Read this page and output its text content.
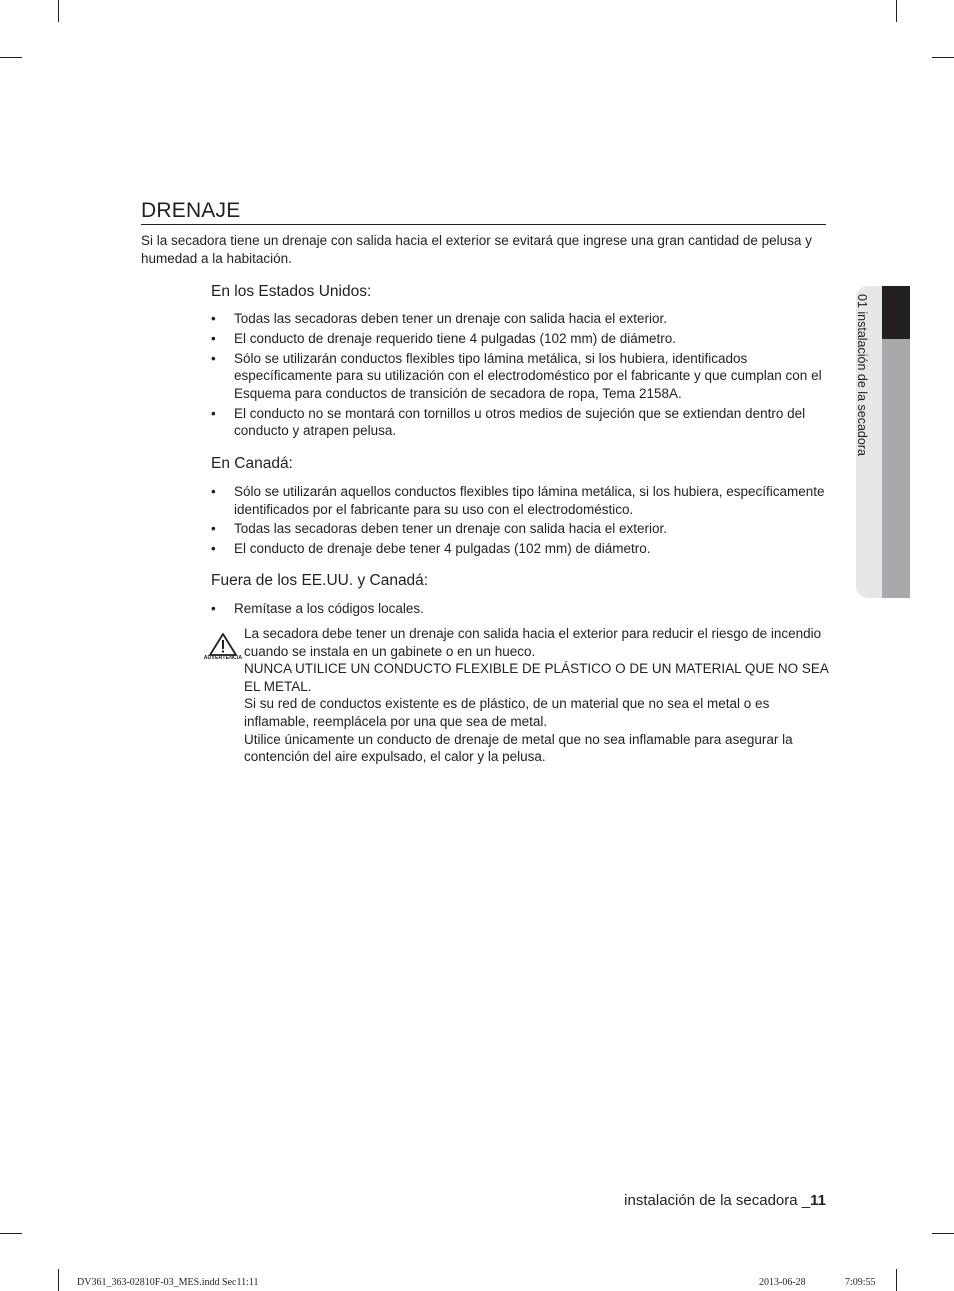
01 instalación de la secadora
DRENAJE

Si la secadora tiene un drenaje con salida hacia el exterior se evitará que ingrese una gran cantidad de pelusa y humedad a la habitación.

En los Estados Unidos:
• Todas las secadoras deben tener un drenaje con salida hacia el exterior.
• El conducto de drenaje requerido tiene 4 pulgadas (102 mm) de diámetro.
• Sólo se utilizarán conductos flexibles tipo lámina metálica, si los hubiera, identificados específicamente para su utilización con el electrodoméstico por el fabricante y que cumplan con el Esquema para conductos de transición de secadora de ropa, Tema 2158A.
• El conducto no se montará con tornillos u otros medios de sujeción que se extiendan dentro del conducto y atrapen pelusa.
En Canadá:
• Sólo se utilizarán aquellos conductos flexibles tipo lámina metálica, si los hubiera, específicamente identificados por el fabricante para su uso con el electrodoméstico.
• Todas las secadoras deben tener un drenaje con salida hacia el exterior.
• El conducto de drenaje debe tener 4 pulgadas (102 mm) de diámetro.
Fuera de los EE.UU. y Canadá:
• Remítase a los códigos locales.
ADVERTENCIA

La secadora debe tener un drenaje con salida hacia el exterior para reducir el riesgo de incendio cuando se instala en un gabinete o en un hueco.

NUNCA UTILICE UN CONDUCTO FLEXIBLE DE PLÁSTICO O DE UN MATERIAL QUE NO SEA EL METAL.

Si su red de conductos existente es de plástico, de un material que no sea el metal o es inflamable, reemplácela por una que sea de metal.

Utilice únicamente un conducto de drenaje de metal que no sea inflamable para asegurar la contención del aire expulsado, el calor y la pelusa.

instalación de la secadora _11
DV361_363-02810F-03_MES.indd Sec11:11	2013-06-28	7:09:55
